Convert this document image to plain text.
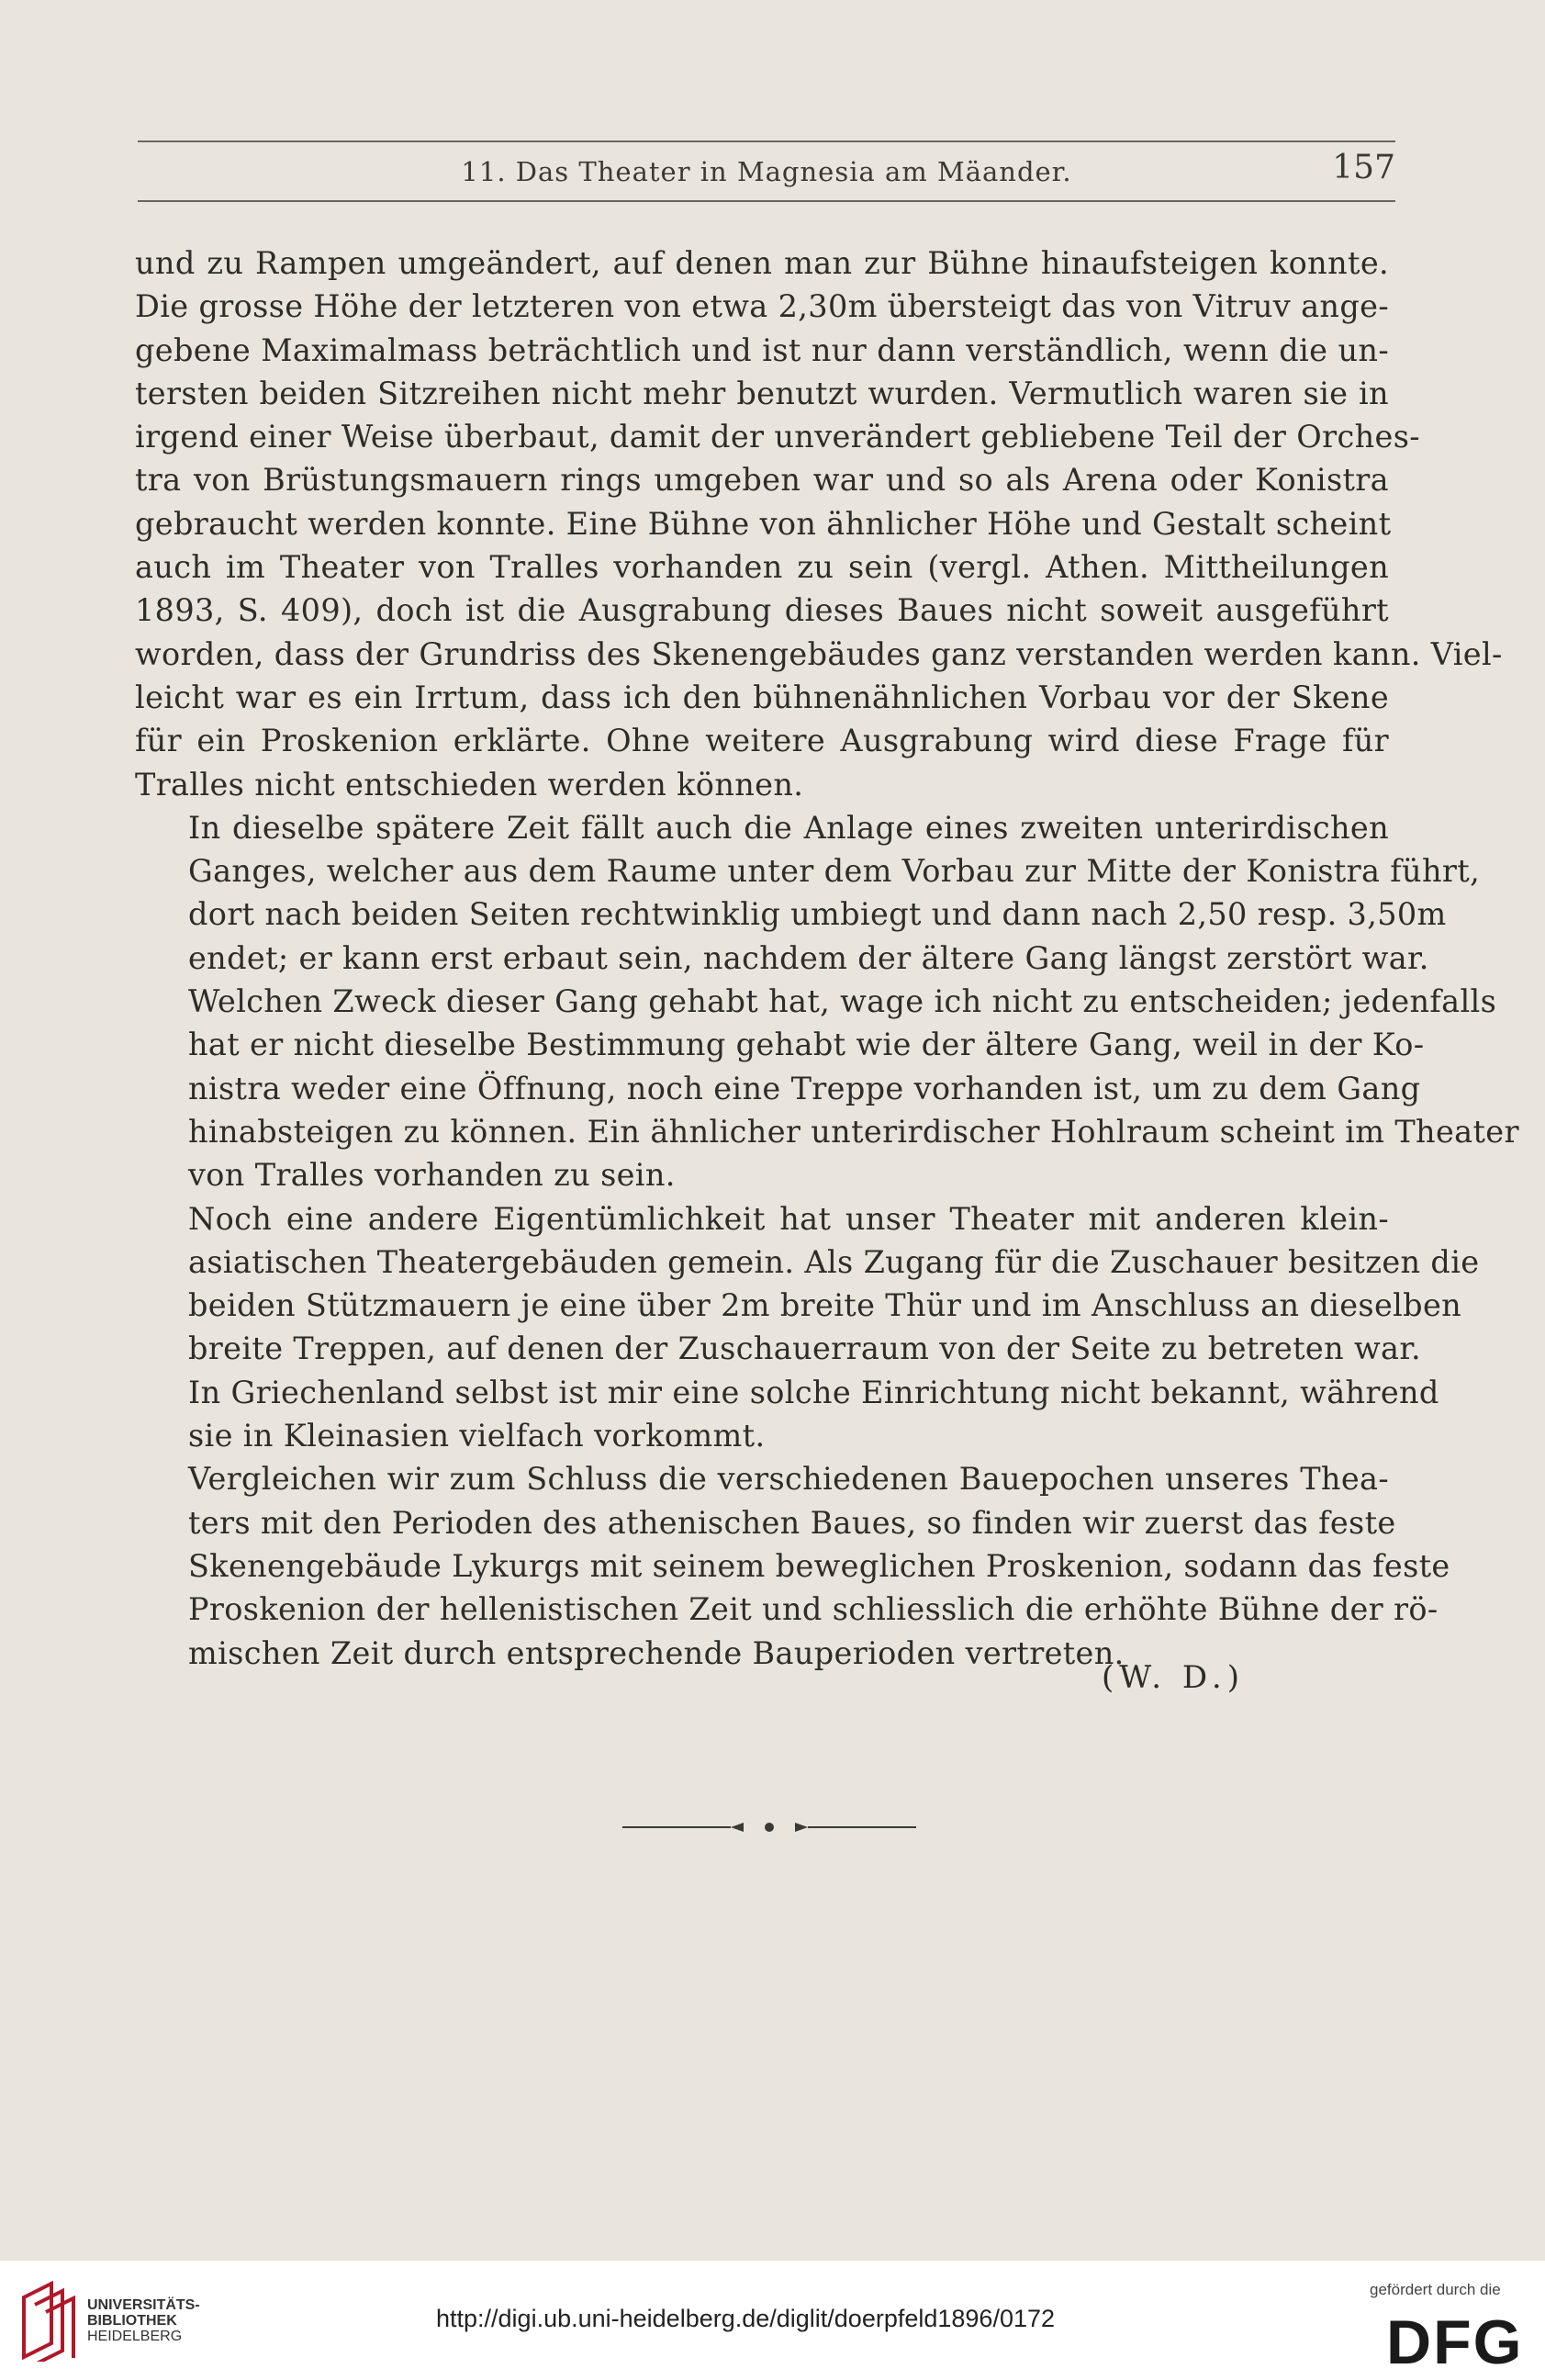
11. Das Theater in Magnesia am Mäander.	157
und zu Rampen umgeändert, auf denen man zur Bühne hinaufsteigen konnte.
Die grosse Höhe der letzteren von etwa 2,30m übersteigt das von Vitruv ange-
gebene Maximalmass beträchtlich und ist nur dann verständlich, wenn die un-
tersten beiden Sitzreihen nicht mehr benutzt wurden. Vermutlich waren sie in
irgend einer Weise überbaut, damit der unverändert gebliebene Teil der Orches-
tra von Brüstungsmauern rings umgeben war und so als Arena oder Konistra
gebraucht werden konnte. Eine Bühne von ähnlicher Höhe und Gestalt scheint
auch im Theater von Tralles vorhanden zu sein (vergl. Athen. Mittheilungen
1893, S. 409), doch ist die Ausgrabung dieses Baues nicht soweit ausgeführt
worden, dass der Grundriss des Skenengebäudes ganz verstanden werden kann. Viel-
leicht war es ein Irrtum, dass ich den bühnenähnlichen Vorbau vor der Skene
für ein Proskenion erklärte. Ohne weitere Ausgrabung wird diese Frage für
Tralles nicht entschieden werden können.
In dieselbe spätere Zeit fällt auch die Anlage eines zweiten unterirdischen
Ganges, welcher aus dem Raume unter dem Vorbau zur Mitte der Konistra führt,
dort nach beiden Seiten rechtwinklig umbiegt und dann nach 2,50 resp. 3,50m
endet; er kann erst erbaut sein, nachdem der ältere Gang längst zerstört war.
Welchen Zweck dieser Gang gehabt hat, wage ich nicht zu entscheiden; jedenfalls
hat er nicht dieselbe Bestimmung gehabt wie der ältere Gang, weil in der Ko-
nistra weder eine Öffnung, noch eine Treppe vorhanden ist, um zu dem Gang
hinabsteigen zu können. Ein ähnlicher unterirdischer Hohlraum scheint im Theater
von Tralles vorhanden zu sein.
Noch eine andere Eigentümlichkeit hat unser Theater mit anderen klein-
asiatischen Theatergebäuden gemein. Als Zugang für die Zuschauer besitzen die
beiden Stützmauern je eine über 2m breite Thür und im Anschluss an dieselben
breite Treppen, auf denen der Zuschauerraum von der Seite zu betreten war.
In Griechenland selbst ist mir eine solche Einrichtung nicht bekannt, während
sie in Kleinasien vielfach vorkommt.
Vergleichen wir zum Schluss die verschiedenen Bauepochen unseres Thea-
ters mit den Perioden des athenischen Baues, so finden wir zuerst das feste
Skenengebäude Lykurgs mit seinem beweglichen Proskenion, sodann das feste
Proskenion der hellenistischen Zeit und schliesslich die erhöhte Bühne der rö-
mischen Zeit durch entsprechende Bauperioden vertreten.
(W. D.)
UNIVERSITÄTS-
BIBLIOTHEK
HEIDELBERG
http://digi.ub.uni-heidelberg.de/diglit/doerpfeld1896/0172
gefördert durch die
DFG
